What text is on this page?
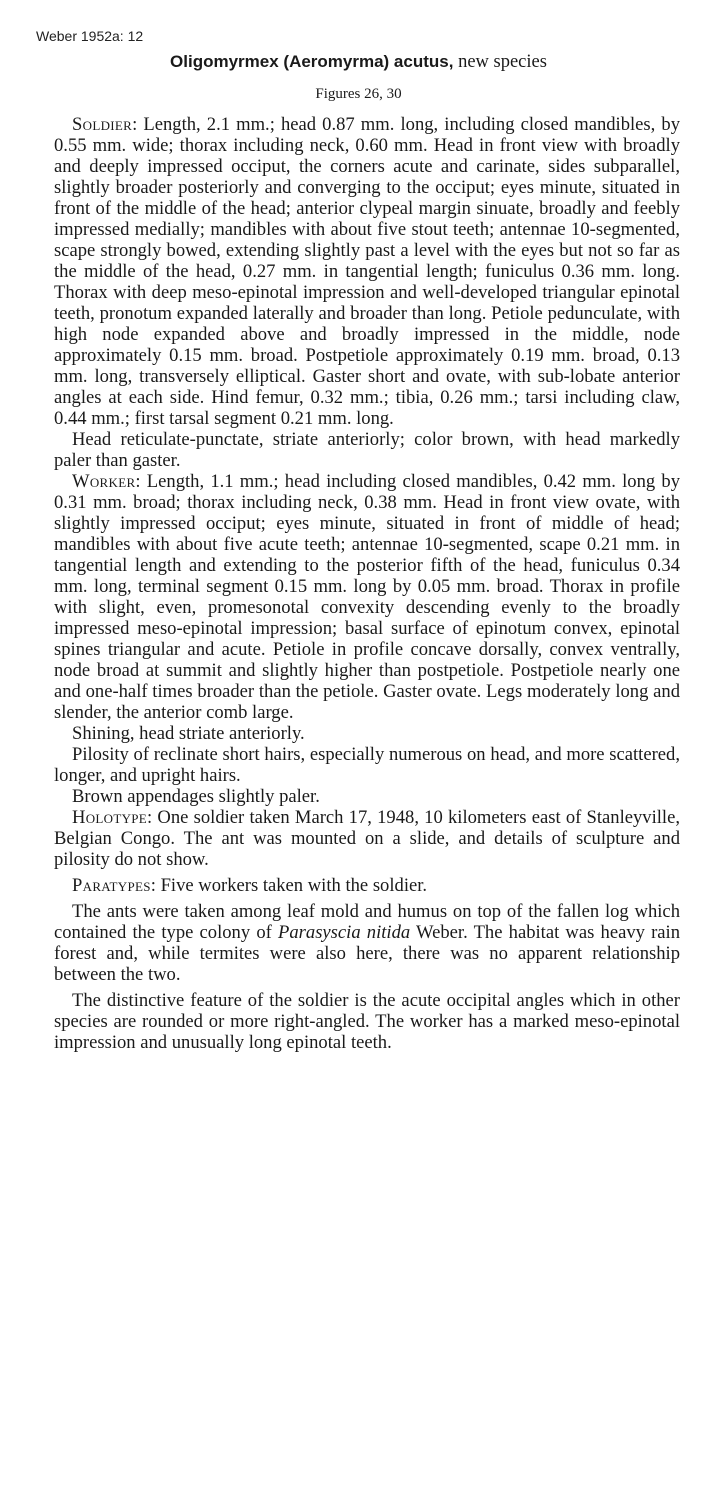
Weber 1952a: 12
Oligomyrmex (Aeromyrma) acutus, new species
Figures 26, 30

Soldier: Length, 2.1 mm.; head 0.87 mm. long, including closed mandibles, by 0.55 mm. wide; thorax including neck, 0.60 mm. Head in front view with broadly and deeply impressed occiput, the corners acute and carinate, sides subparallel, slightly broader posteriorly and converging to the occiput; eyes minute, situated in front of the middle of the head; anterior clypeal margin sinuate, broadly and feebly impressed medially; mandibles with about five stout teeth; antennae 10-segmented, scape strongly bowed, extending slightly past a level with the eyes but not so far as the middle of the head, 0.27 mm. in tangential length; funiculus 0.36 mm. long. Thorax with deep meso-epinotal impression and well-developed triangular epinotal teeth, pronotum expanded laterally and broader than long. Petiole pedunculate, with high node expanded above and broadly impressed in the middle, node approximately 0.15 mm. broad. Postpetiole approximately 0.19 mm. broad, 0.13 mm. long, transversely elliptical. Gaster short and ovate, with sub-lobate anterior angles at each side. Hind femur, 0.32 mm.; tibia, 0.26 mm.; tarsi including claw, 0.44 mm.; first tarsal segment 0.21 mm. long.

Head reticulate-punctate, striate anteriorly; color brown, with head markedly paler than gaster.

Worker: Length, 1.1 mm.; head including closed mandibles, 0.42 mm. long by 0.31 mm. broad; thorax including neck, 0.38 mm. Head in front view ovate, with slightly impressed occiput; eyes minute, situated in front of middle of head; mandibles with about five acute teeth; antennae 10-segmented, scape 0.21 mm. in tangential length and extending to the posterior fifth of the head, funiculus 0.34 mm. long, terminal segment 0.15 mm. long by 0.05 mm. broad. Thorax in profile with slight, even, promesonotal convexity descending evenly to the broadly impressed meso-epinotal impression; basal surface of epinotum convex, epinotal spines triangular and acute. Petiole in profile concave dorsally, convex ventrally, node broad at summit and slightly higher than postpetiole. Postpetiole nearly one and one-half times broader than the petiole. Gaster ovate. Legs moderately long and slender, the anterior comb large.

Shining, head striate anteriorly.

Pilosity of reclinate short hairs, especially numerous on head, and more scattered, longer, and upright hairs.

Brown appendages slightly paler.

Holotype: One soldier taken March 17, 1948, 10 kilometers east of Stanleyville, Belgian Congo. The ant was mounted on a slide, and details of sculpture and pilosity do not show.

Paratypes: Five workers taken with the soldier.

The ants were taken among leaf mold and humus on top of the fallen log which contained the type colony of Parasyscia nitida Weber. The habitat was heavy rain forest and, while termites were also here, there was no apparent relationship between the two.

The distinctive feature of the soldier is the acute occipital angles which in other species are rounded or more right-angled. The worker has a marked meso-epinotal impression and unusually long epinotal teeth.
